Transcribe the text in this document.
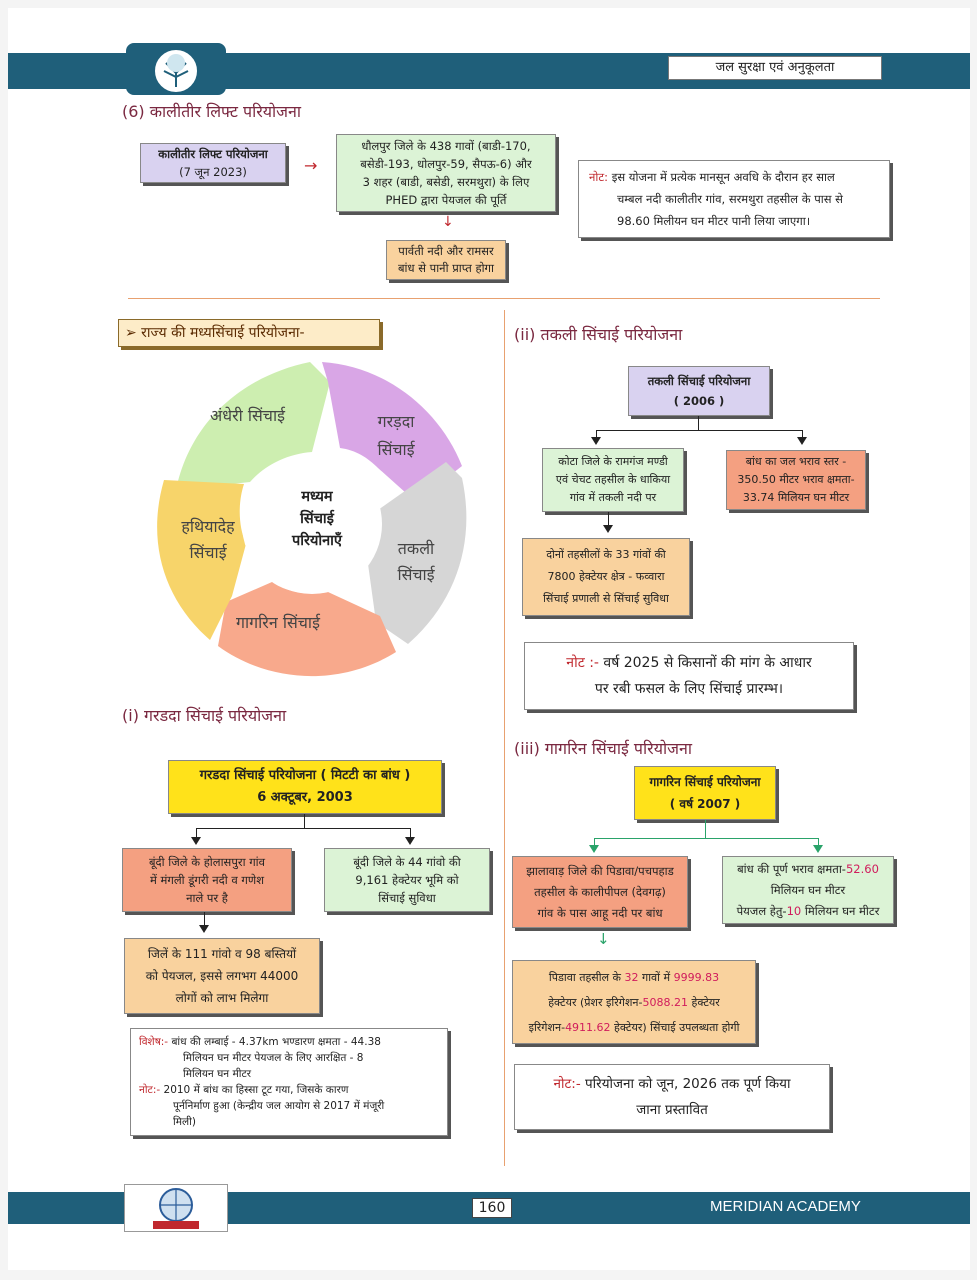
जल सुरक्षा एवं अनुकूलता
(6) कालीतीर लिफ्ट परियोजना
कालीतीर लिफ्ट परियोजना
(7 जून 2023)	→
धौलपुर जिले के 438 गावों (बाडी-170,
बसेडी-193, धोलपुर-59, सैपऊ-6) और
3 शहर (बाडी, बसेडी, सरमथुरा) के लिए
PHED द्वारा पेयजल की पूर्ति
↓
पार्वती नदी और रामसर
बांध से पानी प्राप्त होगा
नोट: इस योजना में प्रत्येक मानसून अवधि के दौरान हर साल
चम्बल नदी कालीतीर गांव, सरमथुरा तहसील के पास से
98.60 मिलीयन घन मीटर पानी लिया जाएगा।
➢ राज्य की मध्यसिंचाई परियोजना-
मध्यम
सिंचाई
परियोनाएँ
अंधेरी सिंचाई	गरड़दा सिंचाई
तकली सिंचाई
गागरिन सिंचाई
हथियादेह सिंचाई
(i) गरडदा सिंचाई परियोजना
गरडदा सिंचाई परियोजना ( मिटटी का बांध )
6 अक्टूबर, 2003
बूंदी जिले के होलासपुरा गांव
में मंगली डूंगरी नदी व गणेश
नाले पर है
बूंदी जिले के 44 गांवो की
9,161 हेक्टेयर भूमि को
सिंचाई सुविधा
जिलें के 111 गांवो व 98 बस्तियों
को पेयजल, इससे लगभग 44000
लोगों को लाभ मिलेगा
विशेष:- बांध की लम्बाई - 4.37km भण्डारण क्षमता - 44.38
मिलियन घन मीटर पेयजल के लिए आरक्षित - 8
मिलियन घन मीटर
नोट:- 2010 में बांध का हिस्सा टूट गया, जिसके कारण
पूर्ननिर्माण हुआ (केन्द्रीय जल आयोग से 2017 में मंजूरी
मिली)
(ii) तकली सिंचाई परियोजना
तकली सिंचाई परियोजना
( 2006 )
कोटा जिले के रामगंज मण्डी
एवं चेचट तहसील के धाकिया
गांव में तकली नदी पर
बांध का जल भराव स्तर -
350.50 मीटर भराव क्षमता-
33.74 मिलियन घन मीटर
दोनों तहसीलों के 33 गांवों की
7800 हेक्टेयर क्षेत्र - फव्वारा
सिंचाई प्रणाली से सिंचाई सुविधा
नोट :- वर्ष 2025 से किसानों की मांग के आधार
पर रबी फसल के लिए सिंचाई प्रारम्भ।
(iii) गागरिन सिंचाई परियोजना
गागरिन सिंचाई परियोजना
( वर्ष 2007 )
झालावाड़ जिले की पिडावा/पचपहाड
तहसील के कालीपीपल (देवगढ़)
गांव के पास आहू नदी पर बांध
बांध की पूर्ण भराव क्षमता-52.60
मिलियन घन मीटर
पेयजल हेतु-10 मिलियन घन मीटर
↓
पिडावा तहसील के 32 गावों में 9999.83
हेक्टेयर (प्रेशर इरिगेशन-5088.21 हेक्टेयर
इरिगेशन-4911.62 हेक्टेयर) सिंचाई उपलब्धता होगी
नोट:- परियोजना को जून, 2026 तक पूर्ण किया
जाना प्रस्तावित
160	MERIDIAN ACADEMY
